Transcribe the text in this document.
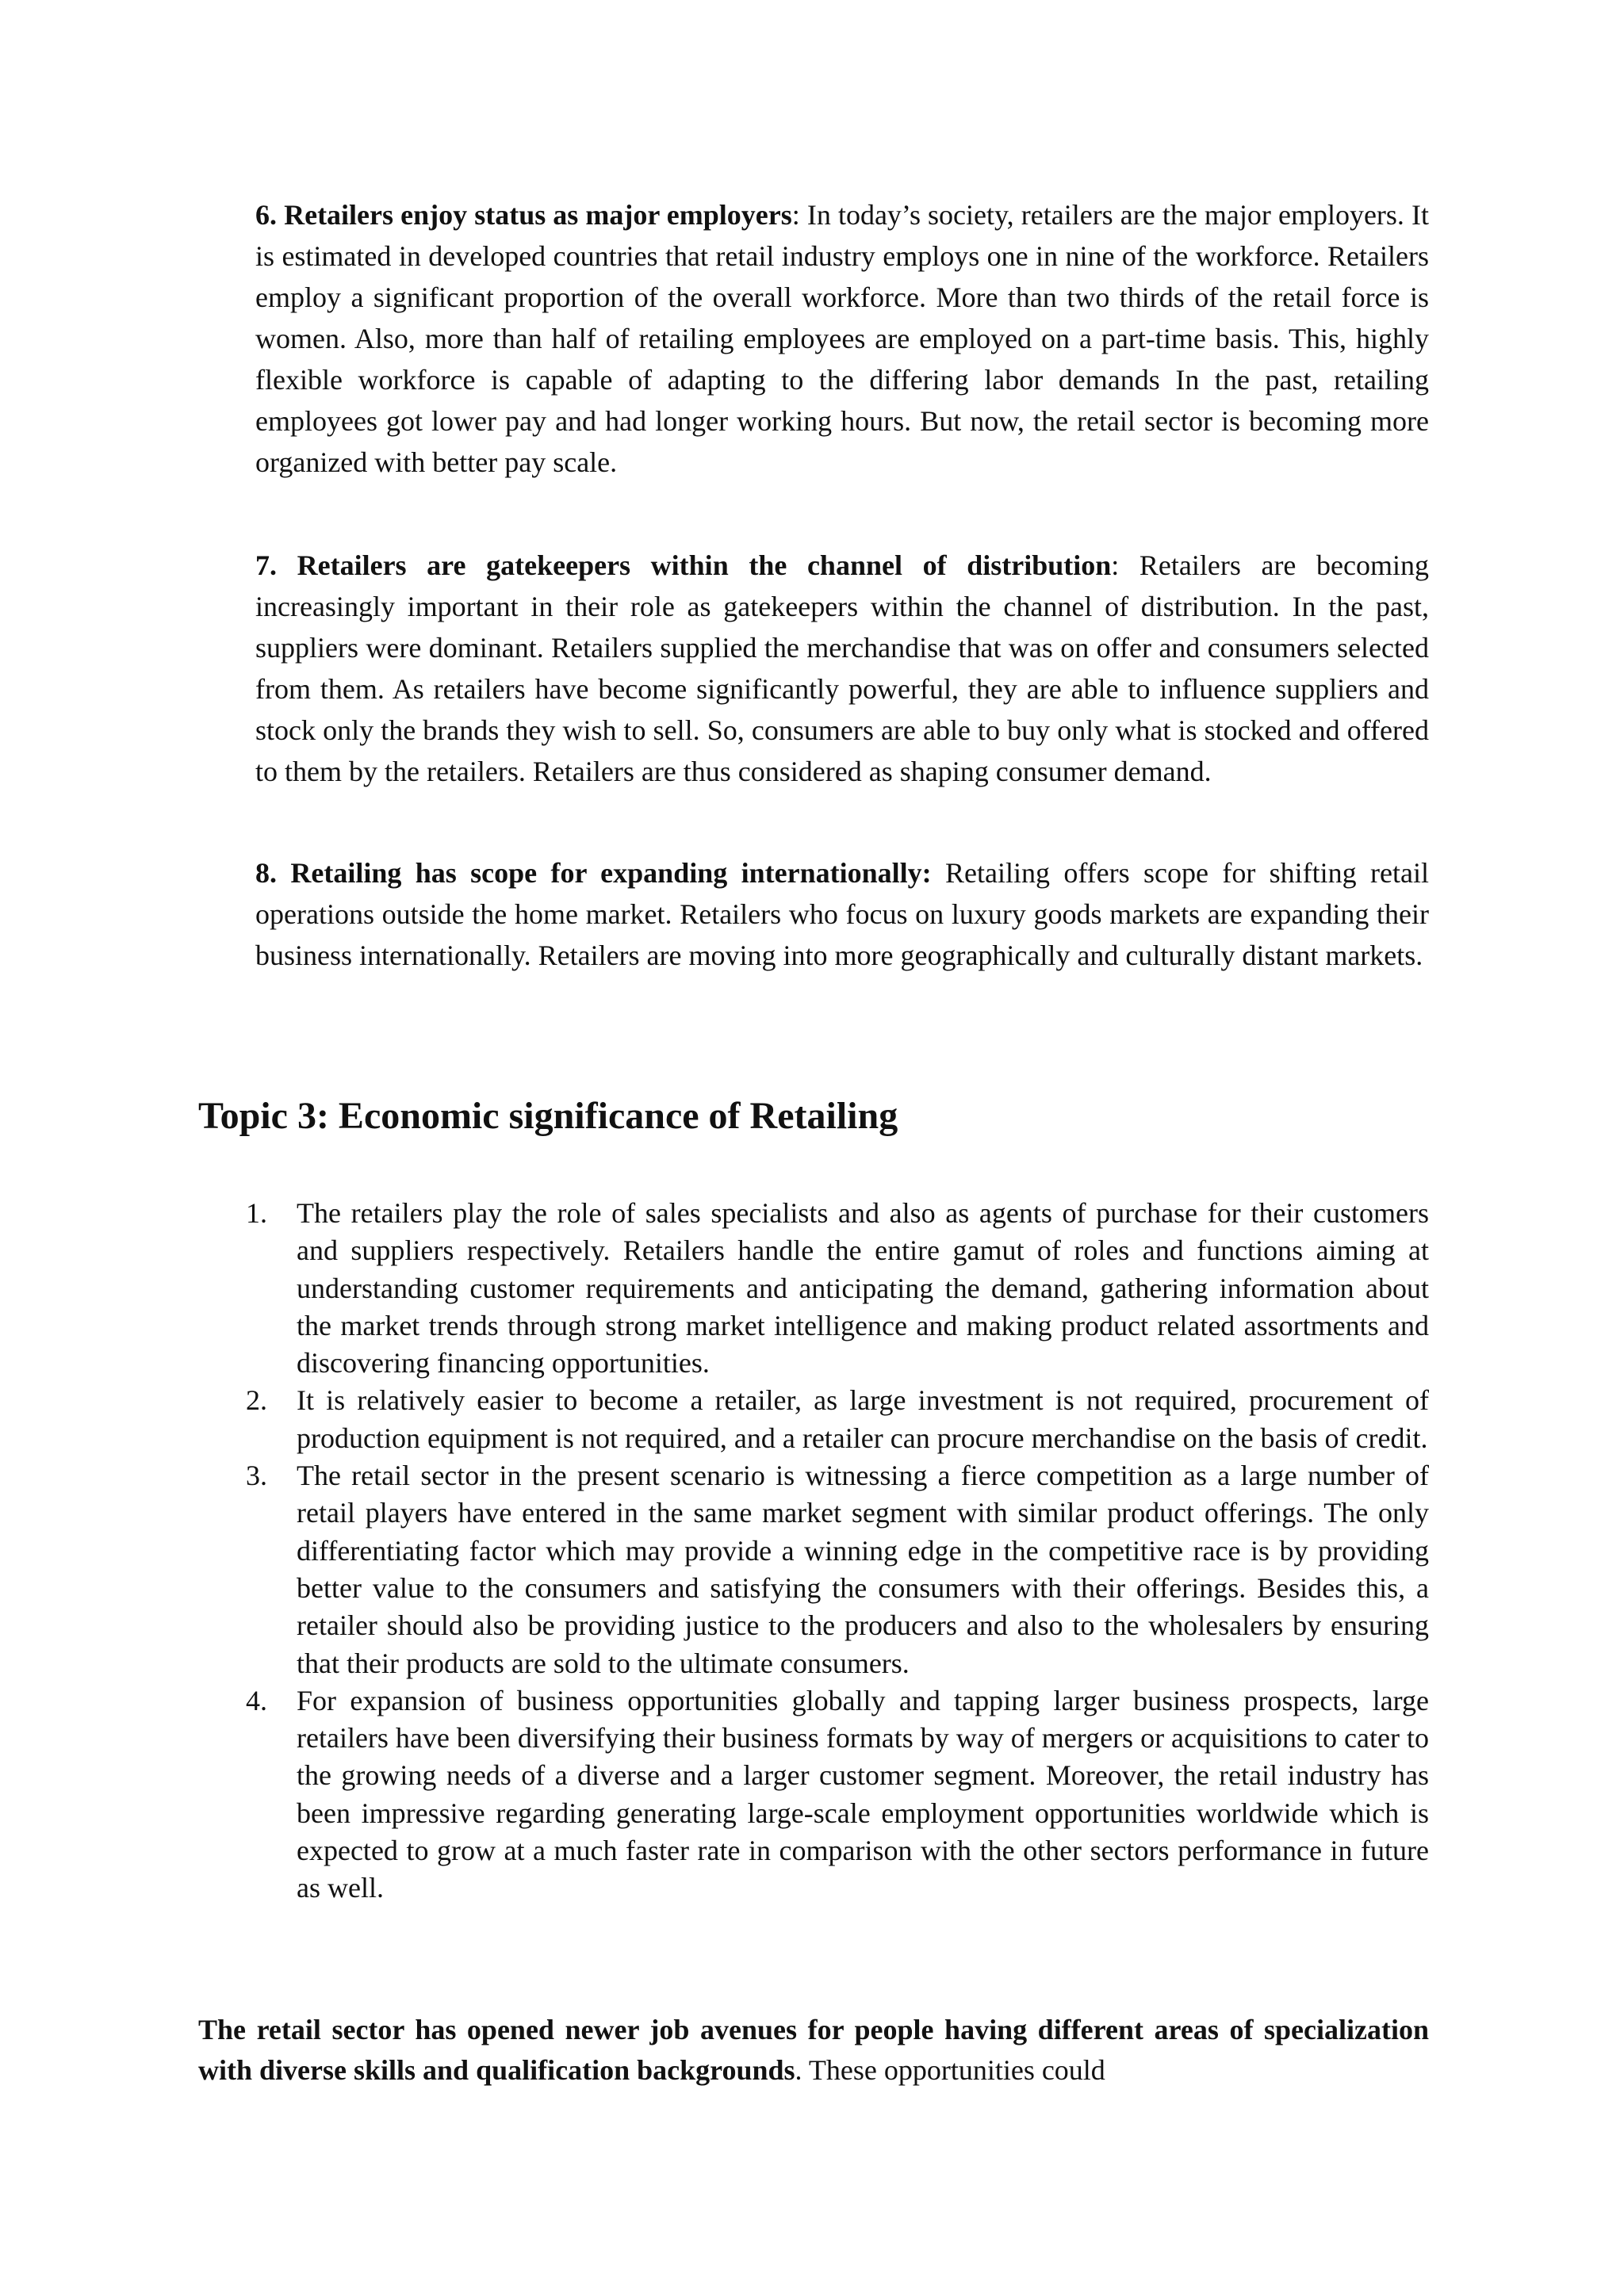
6. Retailers enjoy status as major employers: In today’s society, retailers are the major employers. It is estimated in developed countries that retail industry employs one in nine of the workforce. Retailers employ a significant proportion of the overall workforce. More than two thirds of the retail force is women. Also, more than half of retailing employees are employed on a part-time basis. This, highly flexible workforce is capable of adapting to the differing labor demands In the past, retailing employees got lower pay and had longer working hours. But now, the retail sector is becoming more organized with better pay scale.

7. Retailers are gatekeepers within the channel of distribution: Retailers are becoming increasingly important in their role as gatekeepers within the channel of distribution. In the past, suppliers were dominant. Retailers supplied the merchandise that was on offer and consumers selected from them. As retailers have become significantly powerful, they are able to influence suppliers and stock only the brands they wish to sell. So, consumers are able to buy only what is stocked and offered to them by the retailers. Retailers are thus considered as shaping consumer demand.

8. Retailing has scope for expanding internationally: Retailing offers scope for shifting retail operations outside the home market. Retailers who focus on luxury goods markets are expanding their business internationally. Retailers are moving into more geographically and culturally distant markets.

Topic 3: Economic significance of Retailing
1. The retailers play the role of sales specialists and also as agents of purchase for their customers and suppliers respectively. Retailers handle the entire gamut of roles and functions aiming at understanding customer requirements and anticipating the demand, gathering information about the market trends through strong market intelligence and making product related assortments and discovering financing opportunities.
2. It is relatively easier to become a retailer, as large investment is not required, procurement of production equipment is not required, and a retailer can procure merchandise on the basis of credit.
3. The retail sector in the present scenario is witnessing a fierce competition as a large number of retail players have entered in the same market segment with similar product offerings. The only differentiating factor which may provide a winning edge in the competitive race is by providing better value to the consumers and satisfying the consumers with their offerings. Besides this, a retailer should also be providing justice to the producers and also to the wholesalers by ensuring that their products are sold to the ultimate consumers.
4. For expansion of business opportunities globally and tapping larger business prospects, large retailers have been diversifying their business formats by way of mergers or acquisitions to cater to the growing needs of a diverse and a larger customer segment. Moreover, the retail industry has been impressive regarding generating large-scale employment opportunities worldwide which is expected to grow at a much faster rate in comparison with the other sectors performance in future as well.

The retail sector has opened newer job avenues for people having different areas of specialization with diverse skills and qualification backgrounds. These opportunities could
